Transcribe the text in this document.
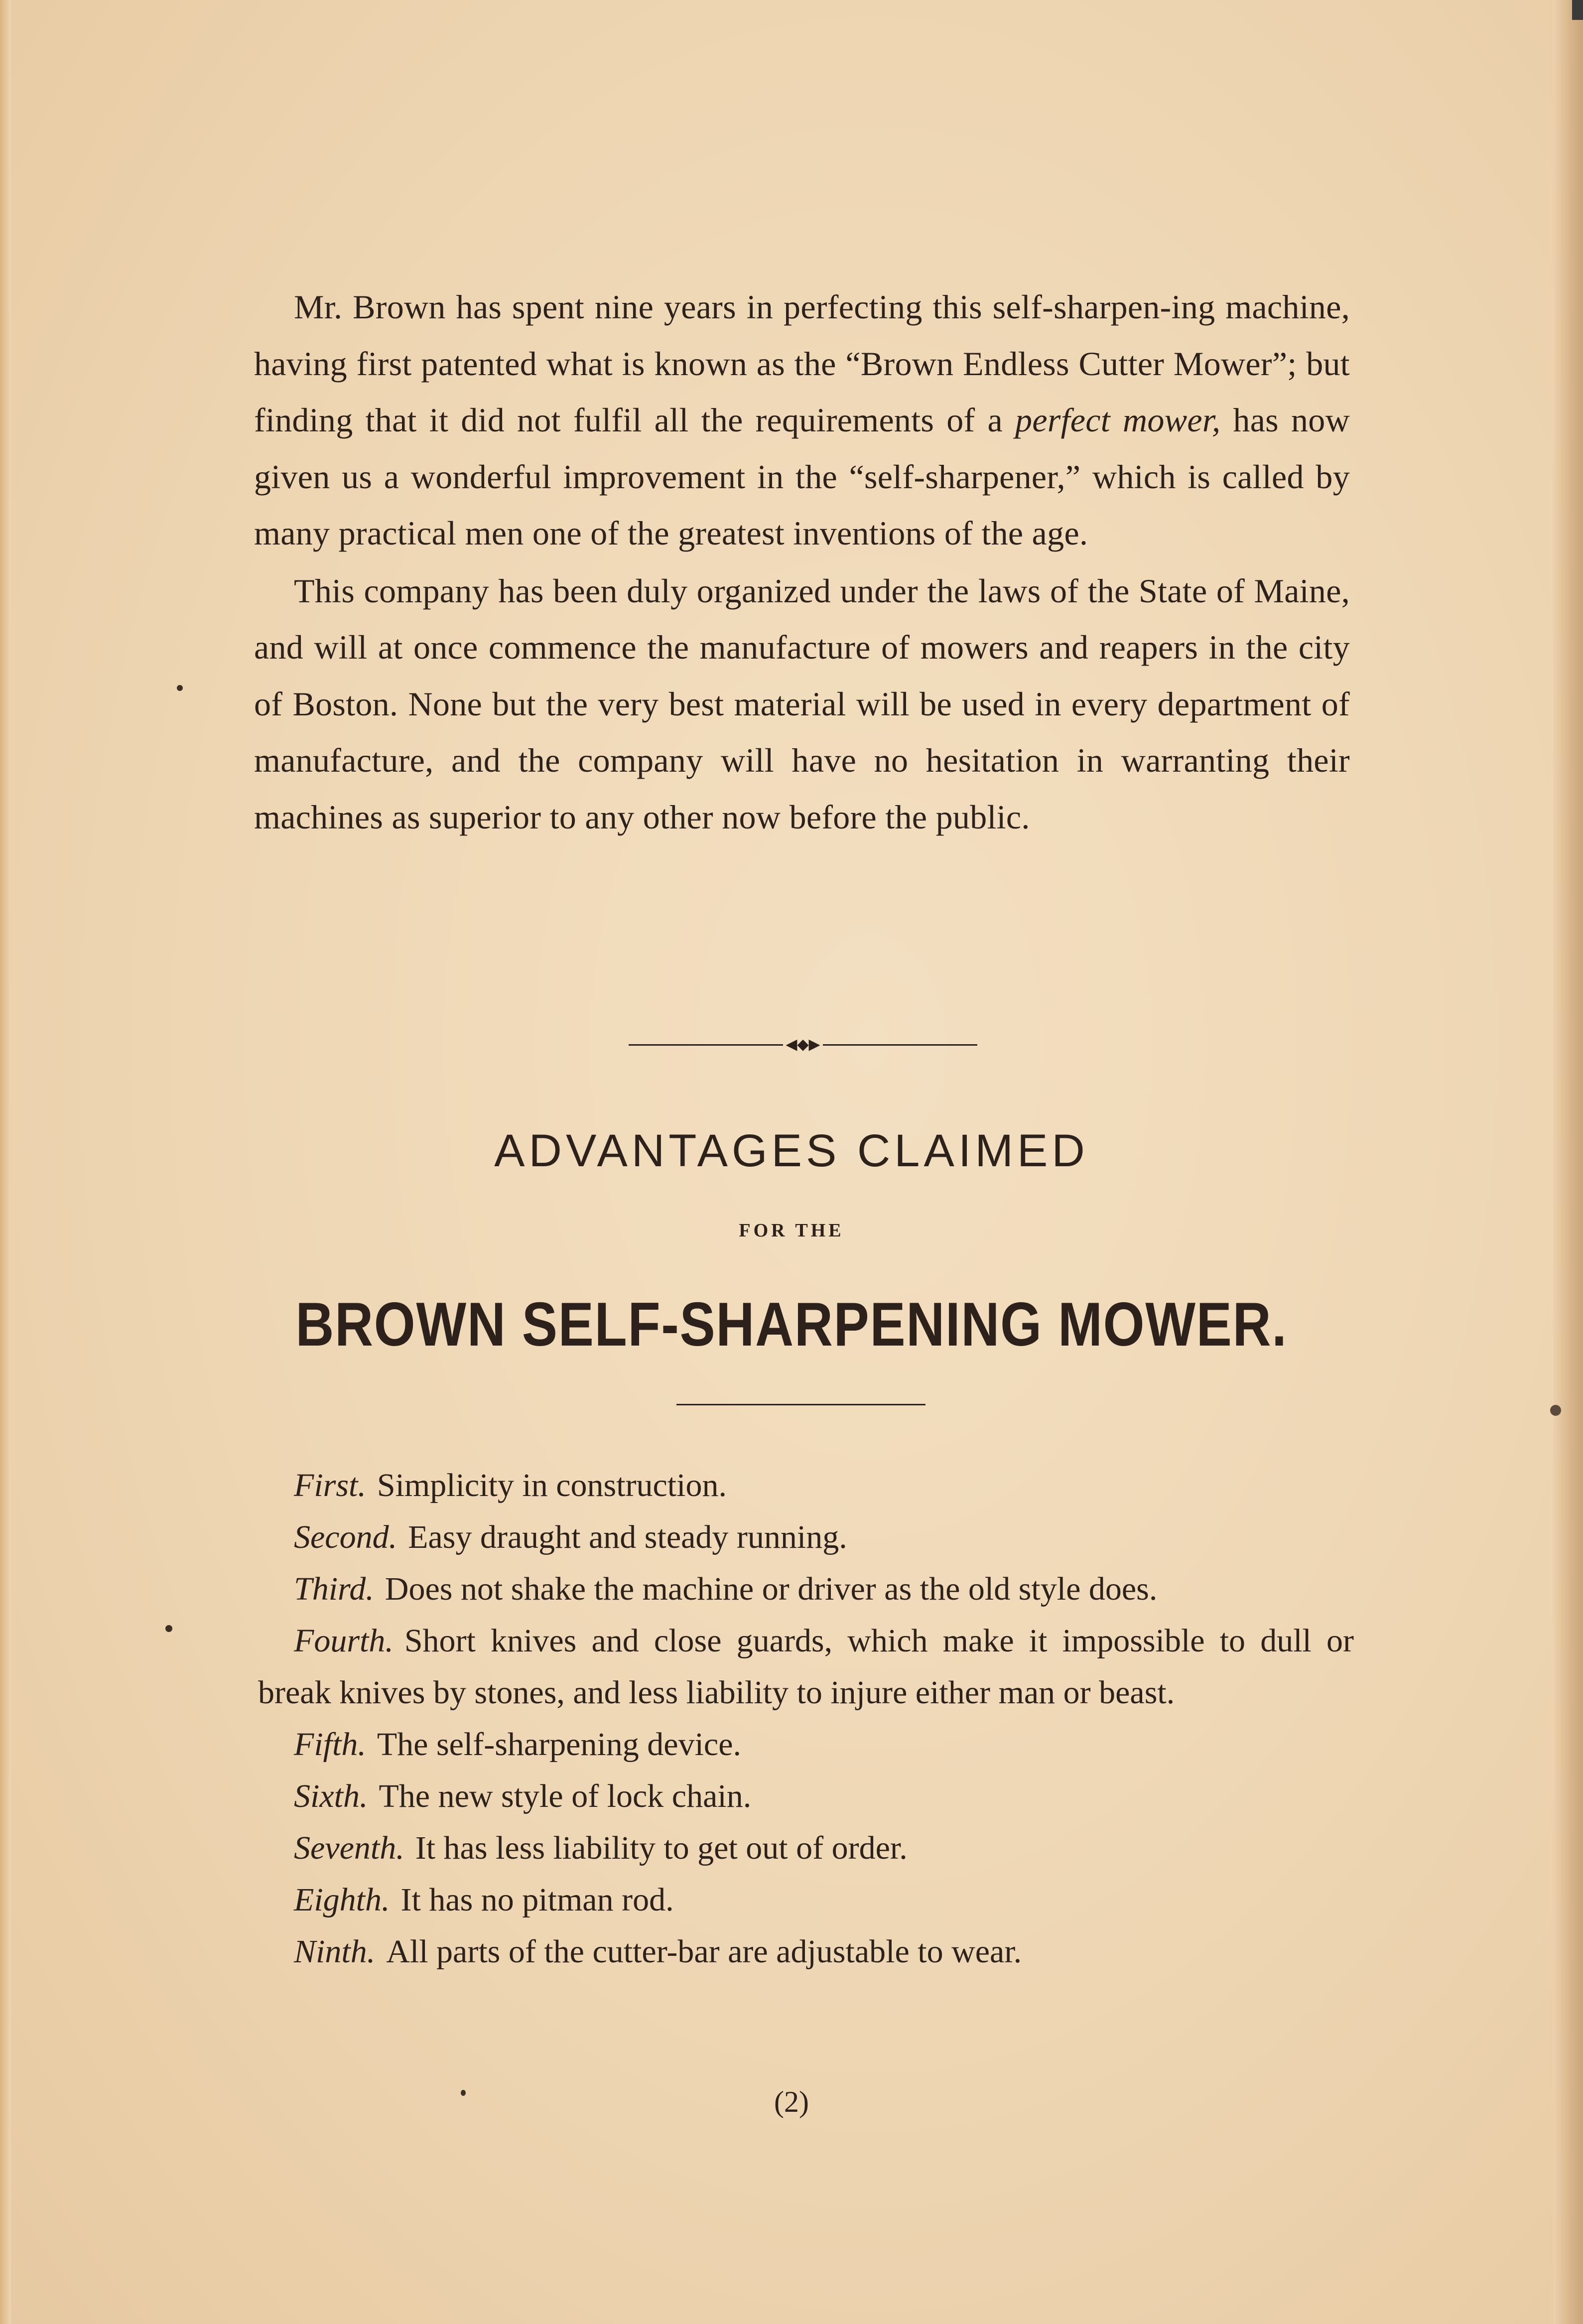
Mr. Brown has spent nine years in perfecting this self-sharpen-ing machine, having first patented what is known as the “Brown Endless Cutter Mower”; but finding that it did not fulfil all the requirements of a perfect mower, has now given us a wonderful improvement in the “self-sharpener,” which is called by many practical men one of the greatest inventions of the age.

This company has been duly organized under the laws of the State of Maine, and will at once commence the manufacture of mowers and reapers in the city of Boston. None but the very best material will be used in every department of manufacture, and the company will have no hesitation in warranting their machines as superior to any other now before the public.

◀◆▶
ADVANTAGES CLAIMED
FOR THE
BROWN SELF-SHARPENING MOWER.

First. Simplicity in construction.

Second. Easy draught and steady running.

Third. Does not shake the machine or driver as the old style does.

Fourth. Short knives and close guards, which make it impossible to dull or break knives by stones, and less liability to injure either man or beast.

Fifth. The self-sharpening device.

Sixth. The new style of lock chain.

Seventh. It has less liability to get out of order.

Eighth. It has no pitman rod.

Ninth. All parts of the cutter-bar are adjustable to wear.

(2)
